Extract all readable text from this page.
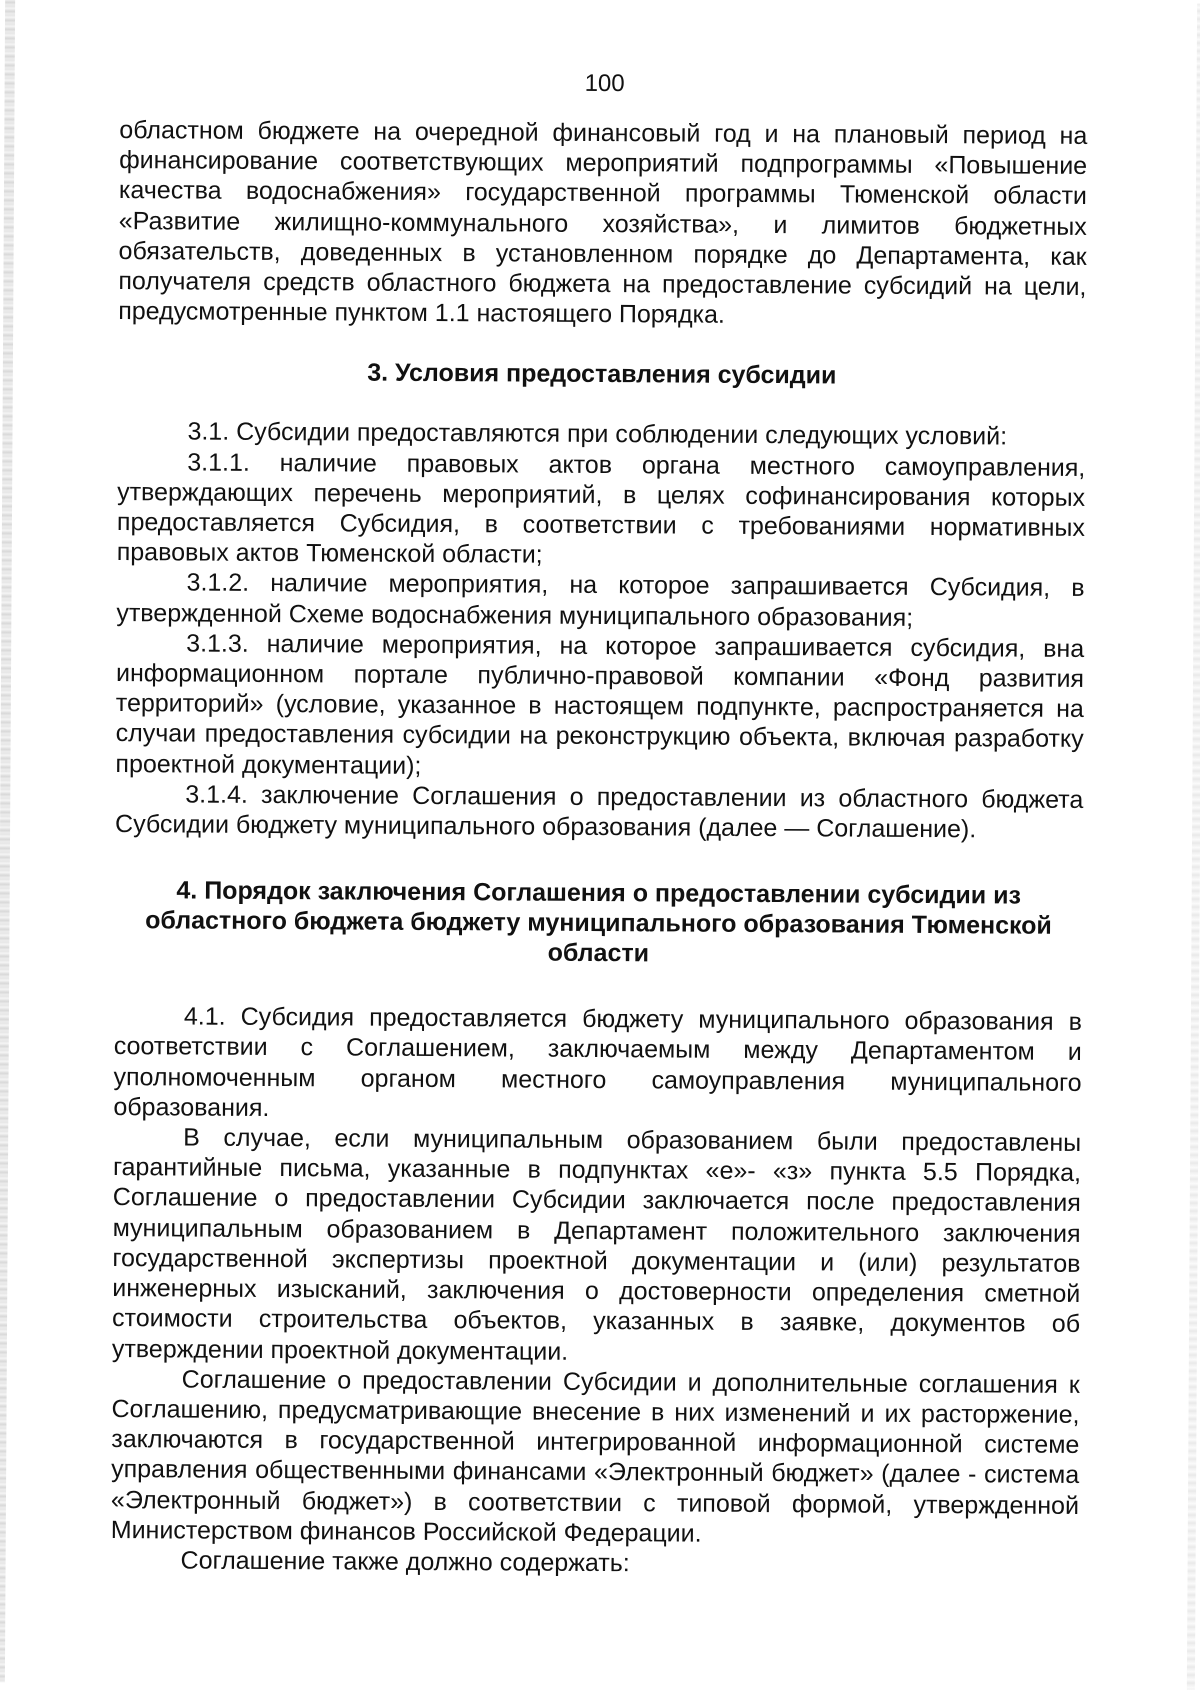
100

областном бюджете на очередной финансовый год и на плановый период на финансирование соответствующих мероприятий подпрограммы «Повышение качества водоснабжения» государственной программы Тюменской области «Развитие жилищно-коммунального хозяйства», и лимитов бюджетных обязательств, доведенных в установленном порядке до Департамента, как получателя средств областного бюджета на предоставление субсидий на цели, предусмотренные пунктом 1.1 настоящего Порядка.

3. Условия предоставления субсидии

3.1. Субсидии предоставляются при соблюдении следующих условий:

3.1.1. наличие правовых актов органа местного самоуправления, утверждающих перечень мероприятий, в целях софинансирования которых предоставляется Субсидия, в соответствии с требованиями нормативных правовых актов Тюменской области;

3.1.2. наличие мероприятия, на которое запрашивается Субсидия, в утвержденной Схеме водоснабжения муниципального образования;

3.1.3. наличие мероприятия, на которое запрашивается субсидия, вна информационном портале публично-правовой компании «Фонд развития территорий» (условие, указанное в настоящем подпункте, распространяется на случаи предоставления субсидии на реконструкцию объекта, включая разработку проектной документации);

3.1.4. заключение Соглашения о предоставлении из областного бюджета Субсидии бюджету муниципального образования (далее — Соглашение).

4. Порядок заключения Соглашения о предоставлении субсидии из областного бюджета бюджету муниципального образования Тюменской области

4.1. Субсидия предоставляется бюджету муниципального образования в соответствии с Соглашением, заключаемым между Департаментом и уполномоченным органом местного самоуправления муниципального образования.

В случае, если муниципальным образованием были предоставлены гарантийные письма, указанные в подпунктах «е»- «з» пункта 5.5 Порядка, Соглашение о предоставлении Субсидии заключается после предоставления муниципальным образованием в Департамент положительного заключения государственной экспертизы проектной документации и (или) результатов инженерных изысканий, заключения о достоверности определения сметной стоимости строительства объектов, указанных в заявке, документов об утверждении проектной документации.

Соглашение о предоставлении Субсидии и дополнительные соглашения к Соглашению, предусматривающие внесение в них изменений и их расторжение, заключаются в государственной интегрированной информационной системе управления общественными финансами «Электронный бюджет» (далее - система «Электронный бюджет») в соответствии с типовой формой, утвержденной Министерством финансов Российской Федерации.

Соглашение также должно содержать:
